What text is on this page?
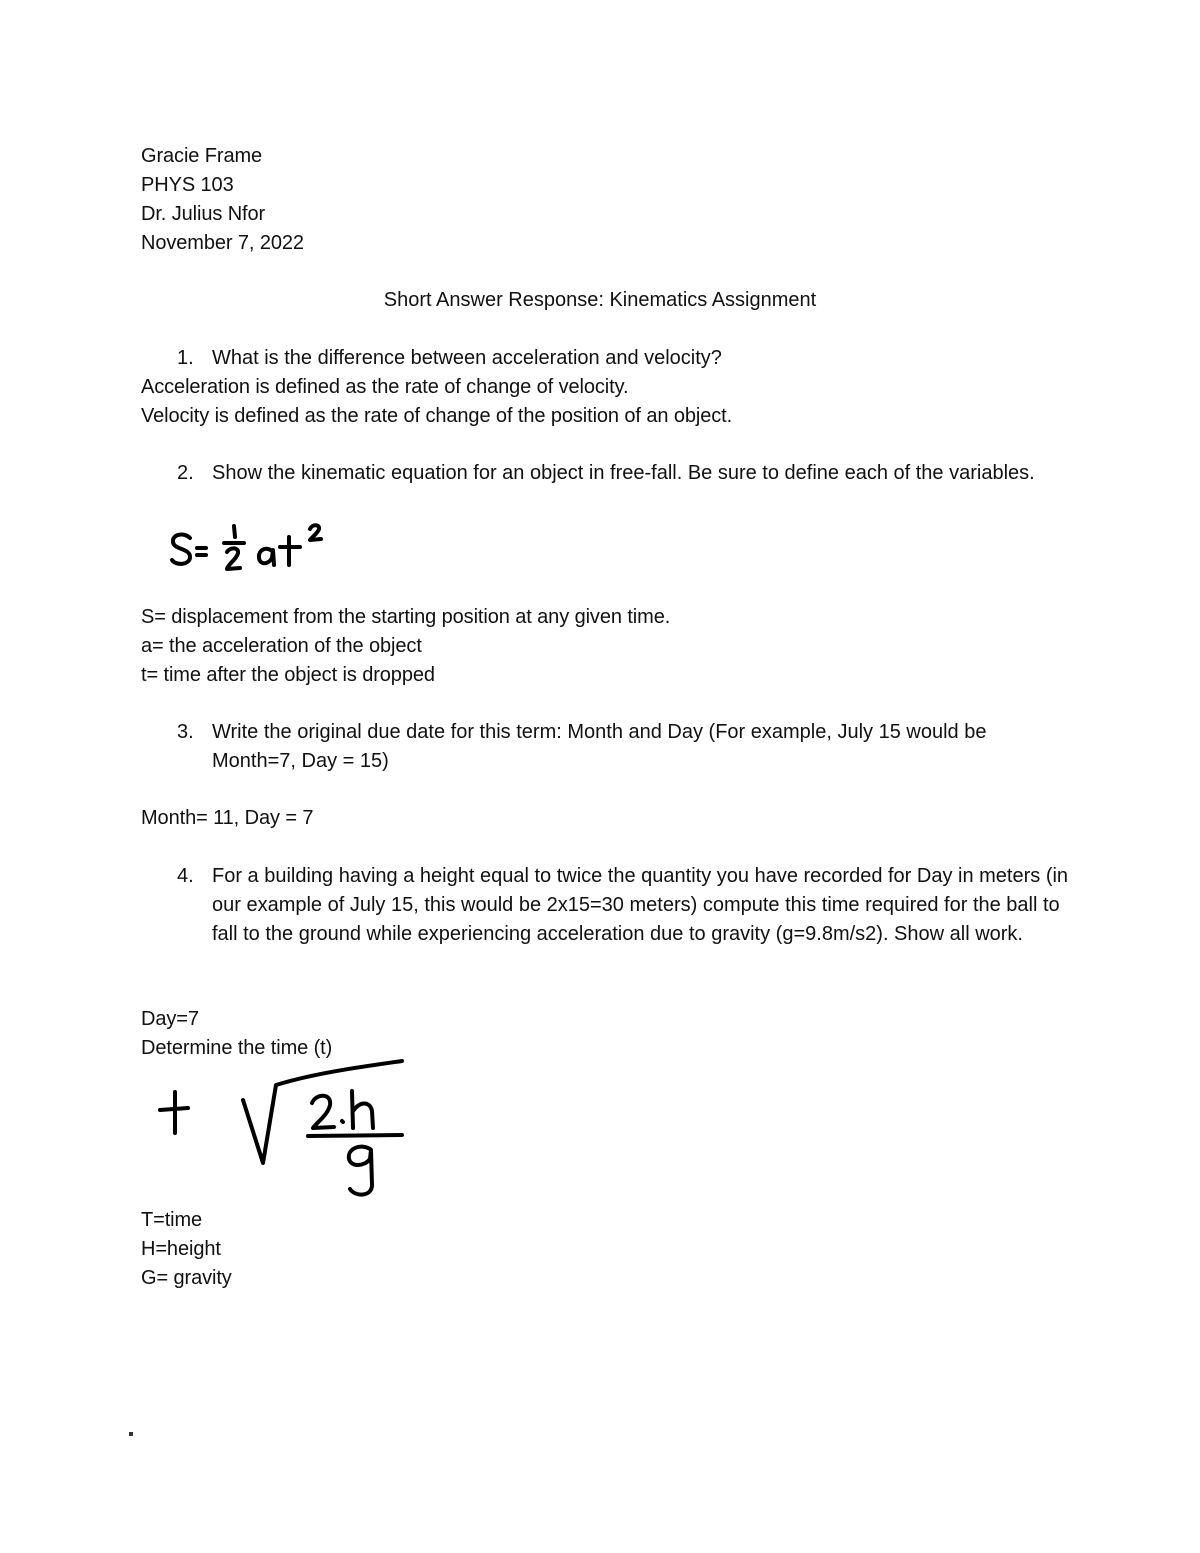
Gracie Frame
PHYS 103
Dr. Julius Nfor
November 7, 2022
Short Answer Response: Kinematics Assignment
1. What is the difference between acceleration and velocity?
Acceleration is defined as the rate of change of velocity.
Velocity is defined as the rate of change of the position of an object.
2. Show the kinematic equation for an object in free-fall. Be sure to define each of the variables.
S= displacement from the starting position at any given time.
a= the acceleration of the object
t= time after the object is dropped
3. Write the original due date for this term: Month and Day (For example, July 15 would be Month=7, Day = 15)
Month= 11, Day = 7
4. For a building having a height equal to twice the quantity you have recorded for Day in meters (in our example of July 15, this would be 2x15=30 meters) compute this time required for the ball to fall to the ground while experiencing acceleration due to gravity (g=9.8m/s2). Show all work.
Day=7
Determine the time (t)
T=time
H=height
G= gravity
